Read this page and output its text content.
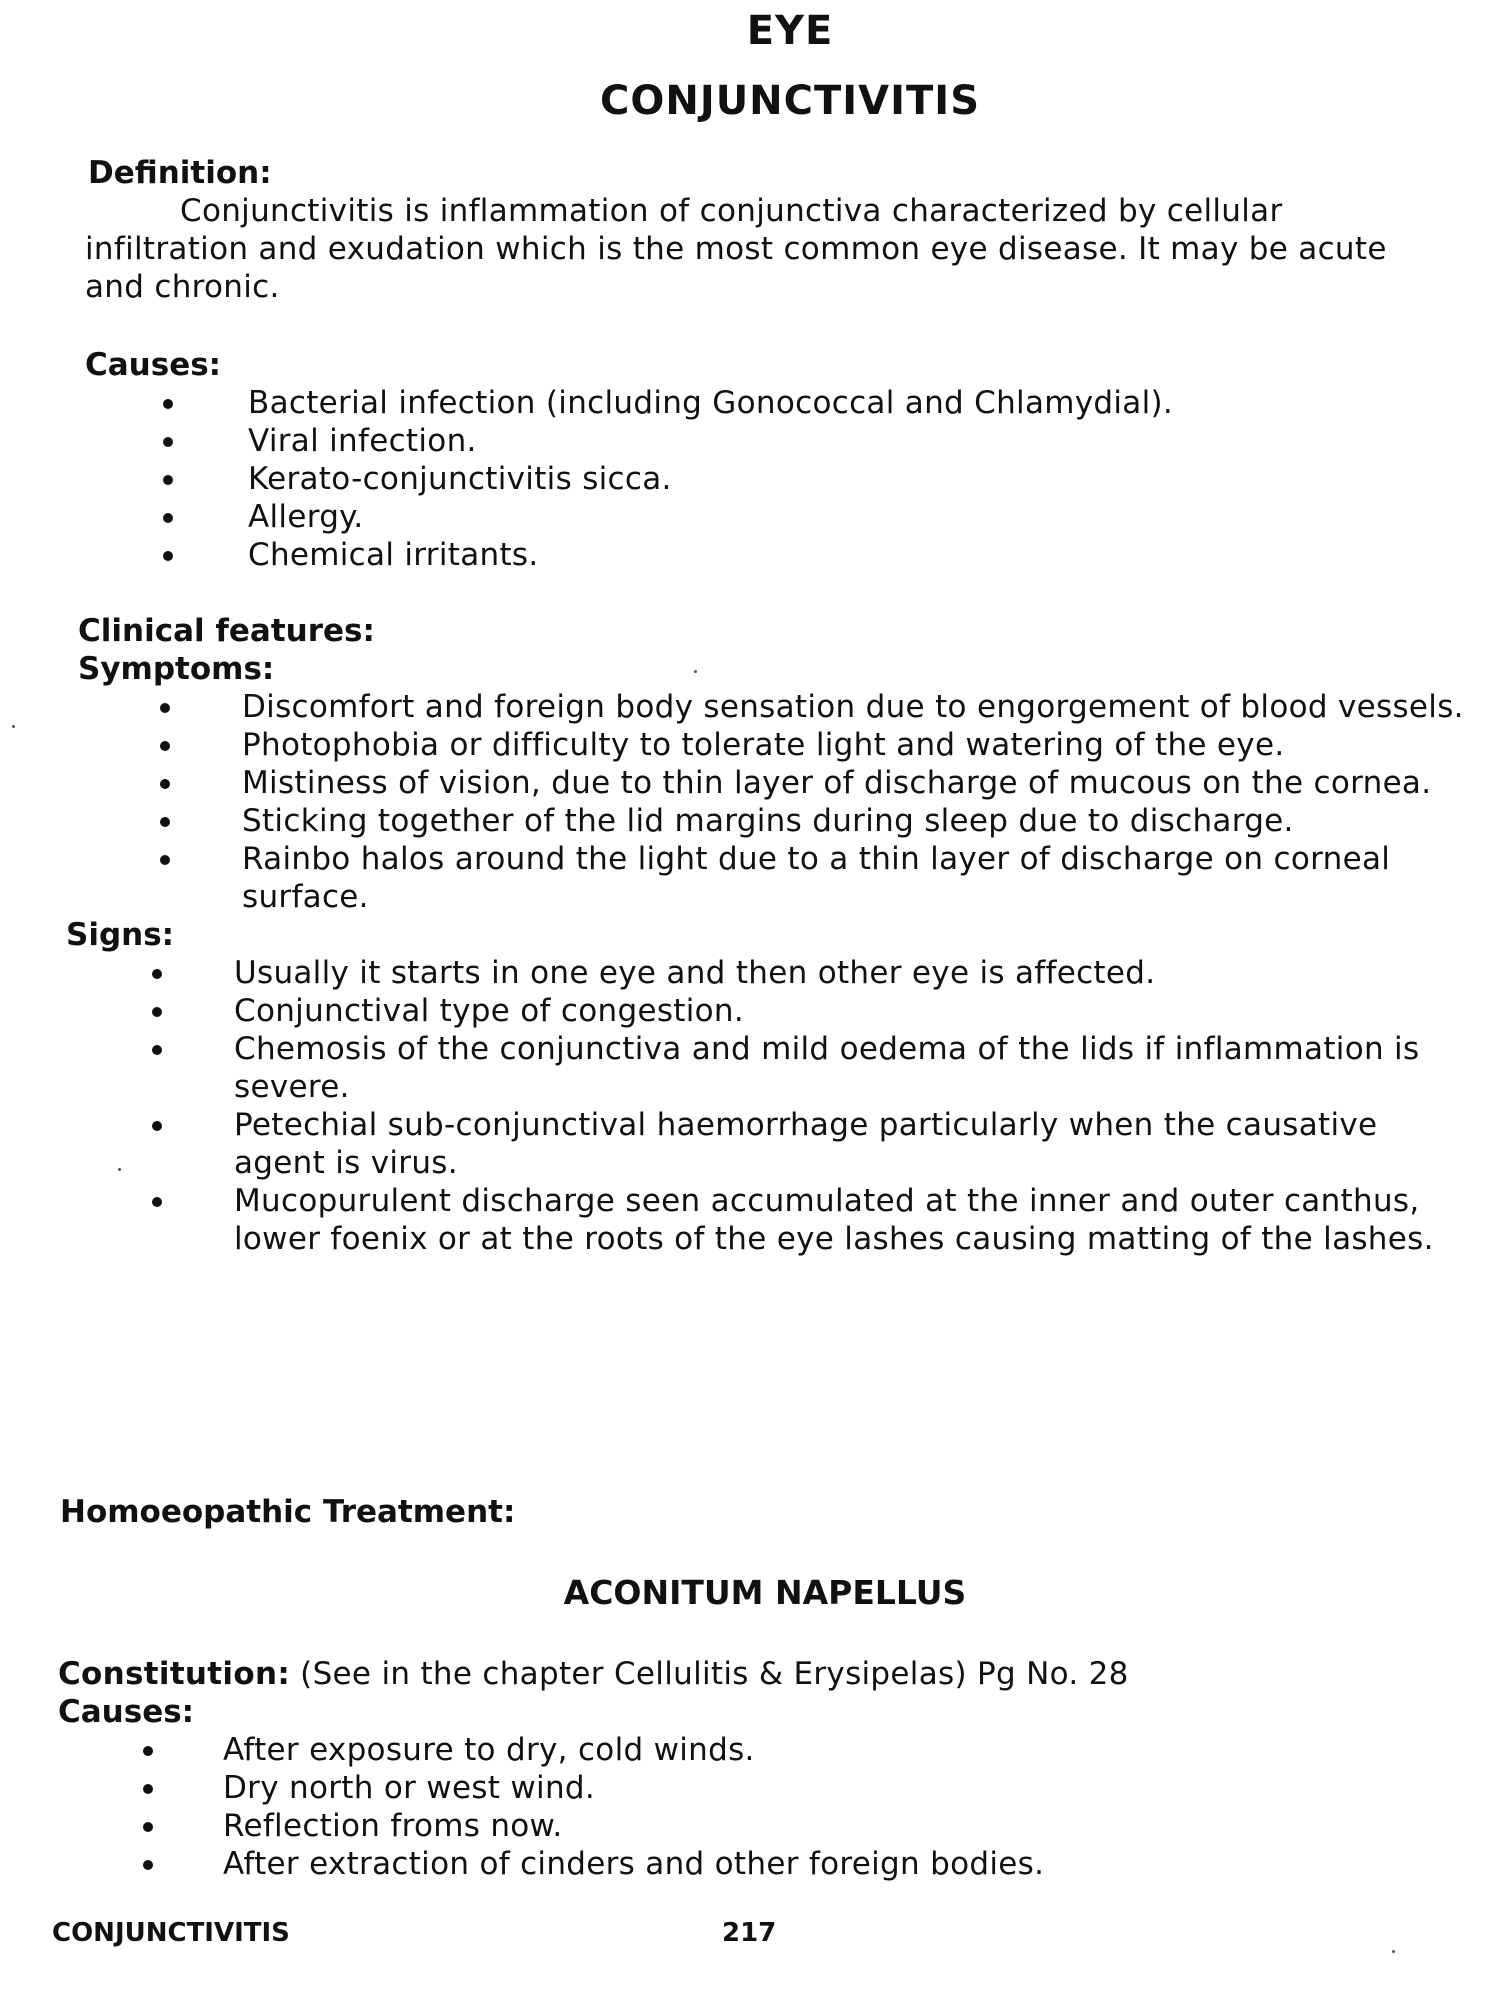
EYE
CONJUNCTIVITIS

Definition:

Conjunctivitis is inflammation of conjunctiva characterized by cellular infiltration and exudation which is the most common eye disease. It may be acute and chronic.

Causes:

Bacterial infection (including Gonococcal and Chlamydial).
Viral infection.
Kerato-conjunctivitis sicca.
Allergy.
Chemical irritants.

Clinical features:

Symptoms:

Discomfort and foreign body sensation due to engorgement of blood vessels.
Photophobia or difficulty to tolerate light and watering of the eye.
Mistiness of vision, due to thin layer of discharge of mucous on the cornea.
Sticking together of the lid margins during sleep due to discharge.
Rainbo halos around the light due to a thin layer of discharge on corneal surface.

Signs:

Usually it starts in one eye and then other eye is affected.
Conjunctival type of congestion.
Chemosis of the conjunctiva and mild oedema of the lids if inflammation is severe.
Petechial sub-conjunctival haemorrhage particularly when the causative agent is virus.
Mucopurulent discharge seen accumulated at the inner and outer canthus, lower foenix or at the roots of the eye lashes causing matting of the lashes.

Homoeopathic Treatment:

ACONITUM NAPELLUS

Constitution: (See in the chapter Cellulitis & Erysipelas) Pg No. 28

Causes:

After exposure to dry, cold winds.
Dry north or west wind.
Reflection froms now.
After extraction of cinders and other foreign bodies.

CONJUNCTIVITIS	217
